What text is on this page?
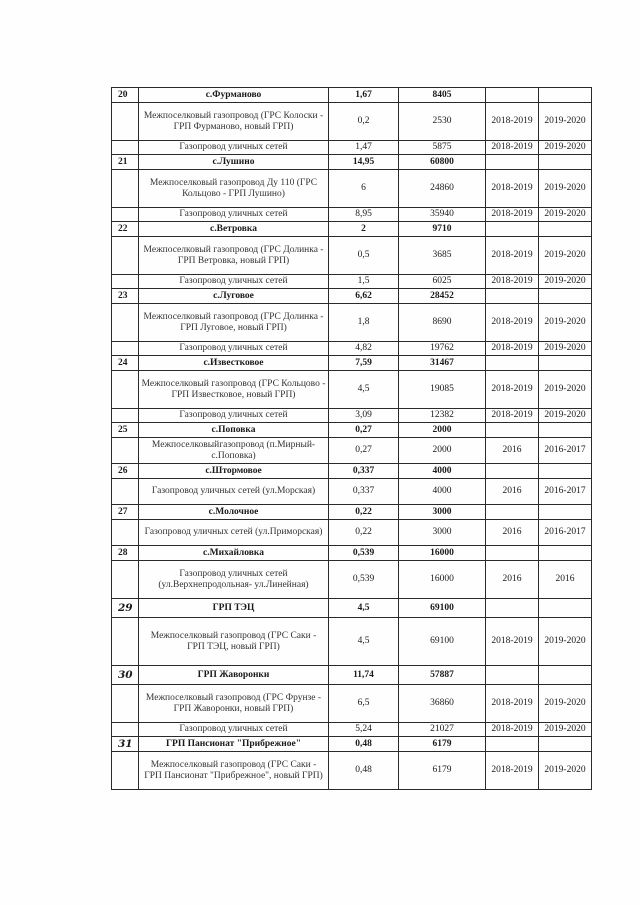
20	с.Фурманово	1,67	8405		
	Межпоселковый газопровод (ГРС Колоски - ГРП Фурманово, новый ГРП)	0,2	2530	2018-2019	2019-2020
	Газопровод уличных сетей	1,47	5875	2018-2019	2019-2020
21	с.Лушино	14,95	60800		
	Межпоселковый газопровод Ду 110 (ГРС Кольцово - ГРП Лушино)	6	24860	2018-2019	2019-2020
	Газопровод уличных сетей	8,95	35940	2018-2019	2019-2020
22	с.Ветровка	2	9710		
	Межпоселковый газопровод (ГРС Долинка - ГРП Ветровка, новый ГРП)	0,5	3685	2018-2019	2019-2020
	Газопровод уличных сетей	1,5	6025	2018-2019	2019-2020
23	с.Луговое	6,62	28452		
	Межпоселковый газопровод (ГРС Долинка - ГРП Луговое, новый ГРП)	1,8	8690	2018-2019	2019-2020
	Газопровод уличных сетей	4,82	19762	2018-2019	2019-2020
24	с.Известковое	7,59	31467		
	Межпоселковый газопровод (ГРС Кольцово - ГРП Известковое, новый ГРП)	4,5	19085	2018-2019	2019-2020
	Газопровод уличных сетей	3,09	12382	2018-2019	2019-2020
25	с.Поповка	0,27	2000		
	Межпоселковыйгазопровод (п.Мирный-с.Поповка)	0,27	2000	2016	2016-2017
26	с.Штормовое	0,337	4000		
	Газопровод уличных сетей (ул.Морская)	0,337	4000	2016	2016-2017
27	с.Молочное	0,22	3000		
	Газопровод уличных сетей (ул.Приморская)	0,22	3000	2016	2016-2017
28	с.Михайловка	0,539	16000		
	Газопровод уличных сетей (ул.Верхнепродольная- ул.Линейная)	0,539	16000	2016	2016
29	ГРП ТЭЦ	4,5	69100		
	Межпоселковый газопровод (ГРС Саки - ГРП ТЭЦ, новый ГРП)	4,5	69100	2018-2019	2019-2020
30	ГРП Жаворонки	11,74	57887		
	Межпоселковый газопровод (ГРС Фрунзе - ГРП Жаворонки, новый ГРП)	6,5	36860	2018-2019	2019-2020
	Газопровод уличных сетей	5,24	21027	2018-2019	2019-2020
31	ГРП Пансионат "Прибрежное"	0,48	6179		
	Межпоселковый газопровод (ГРС Саки - ГРП Пансионат "Прибрежное", новый ГРП)	0,48	6179	2018-2019	2019-2020
